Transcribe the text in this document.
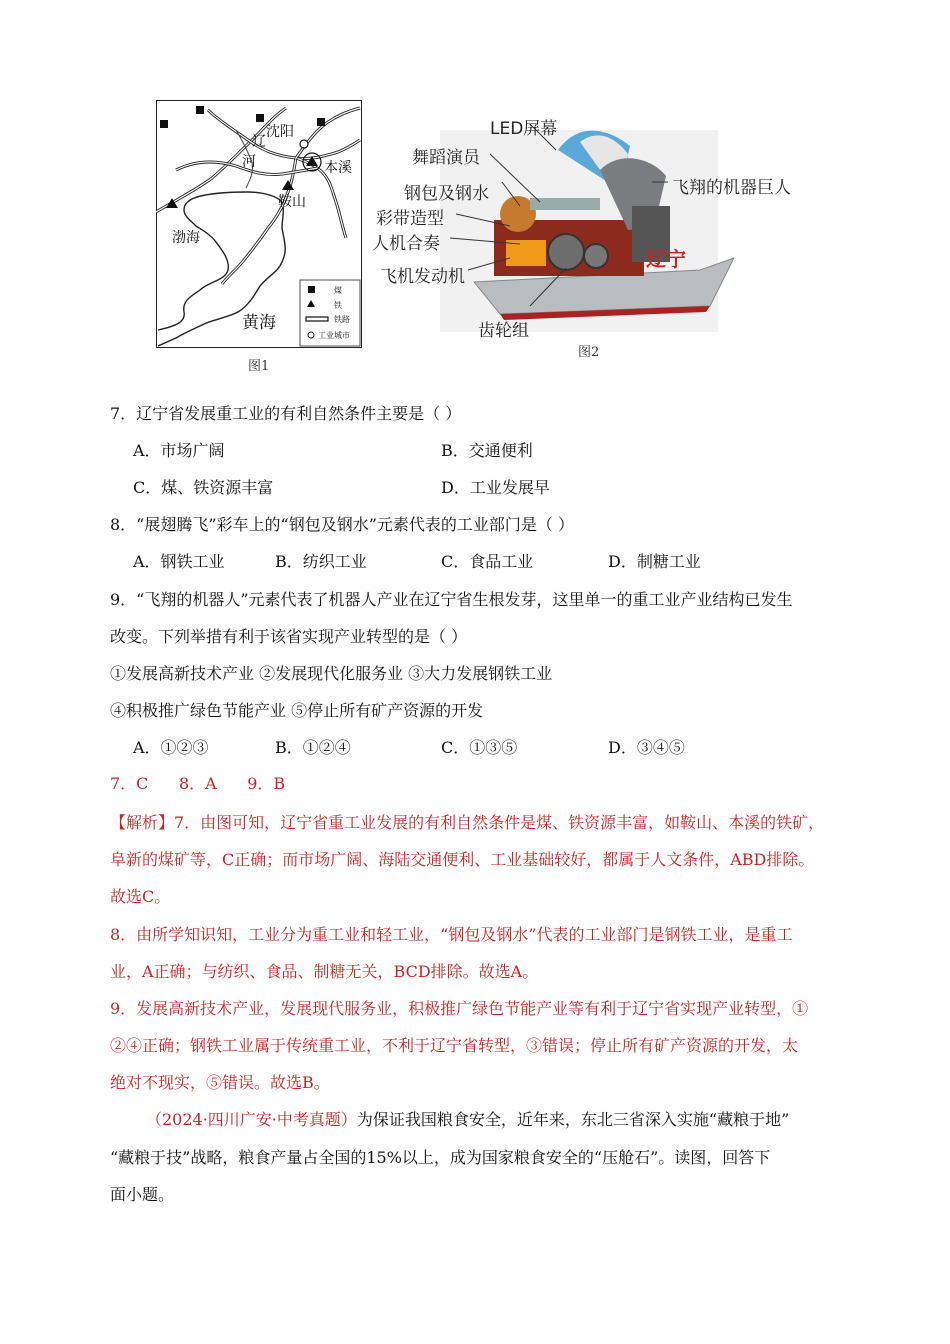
沈阳
辽
河	本溪
鞍山
渤海
黄海
煤
铁
铁路
工业城市
图1
辽宁
LED屏幕
舞蹈演员
钢包及钢水
彩带造型
人机合奏
飞机发动机
齿轮组
飞翔的机器巨人
图2
7．辽宁省发展重工业的有利自然条件主要是（ ）
A．市场广阔	B．交通便利
C．煤、铁资源丰富	D．工业发展早
8．“展翅腾飞”彩车上的“钢包及钢水”元素代表的工业部门是（ ）
A．钢铁工业	B．纺织工业	C．食品工业	D．制糖工业
9．“飞翔的机器人”元素代表了机器人产业在辽宁省生根发芽，这里单一的重工业产业结构已发生
改变。下列举措有利于该省实现产业转型的是（ ）
①发展高新技术产业 ②发展现代化服务业 ③大力发展钢铁工业
④积极推广绿色节能产业 ⑤停止所有矿产资源的开发
A．①②③	B．①②④	C．①③⑤	D．③④⑤
7．C      8．A      9．B
【解析】7．由图可知，辽宁省重工业发展的有利自然条件是煤、铁资源丰富，如鞍山、本溪的铁矿，
阜新的煤矿等，C正确；而市场广阔、海陆交通便利、工业基础较好，都属于人文条件，ABD排除。
故选C。
8．由所学知识知，工业分为重工业和轻工业，“钢包及钢水”代表的工业部门是钢铁工业，是重工
业，A正确；与纺织、食品、制糖无关，BCD排除。故选A。
9．发展高新技术产业，发展现代服务业，积极推广绿色节能产业等有利于辽宁省实现产业转型，①
②④正确；钢铁工业属于传统重工业，不利于辽宁省转型，③错误；停止所有矿产资源的开发，太
绝对不现实，⑤错误。故选B。
（2024·四川广安·中考真题）为保证我国粮食安全，近年来，东北三省深入实施“藏粮于地”
“藏粮于技”战略，粮食产量占全国的15%以上，成为国家粮食安全的“压舱石”。读图，回答下
面小题。
